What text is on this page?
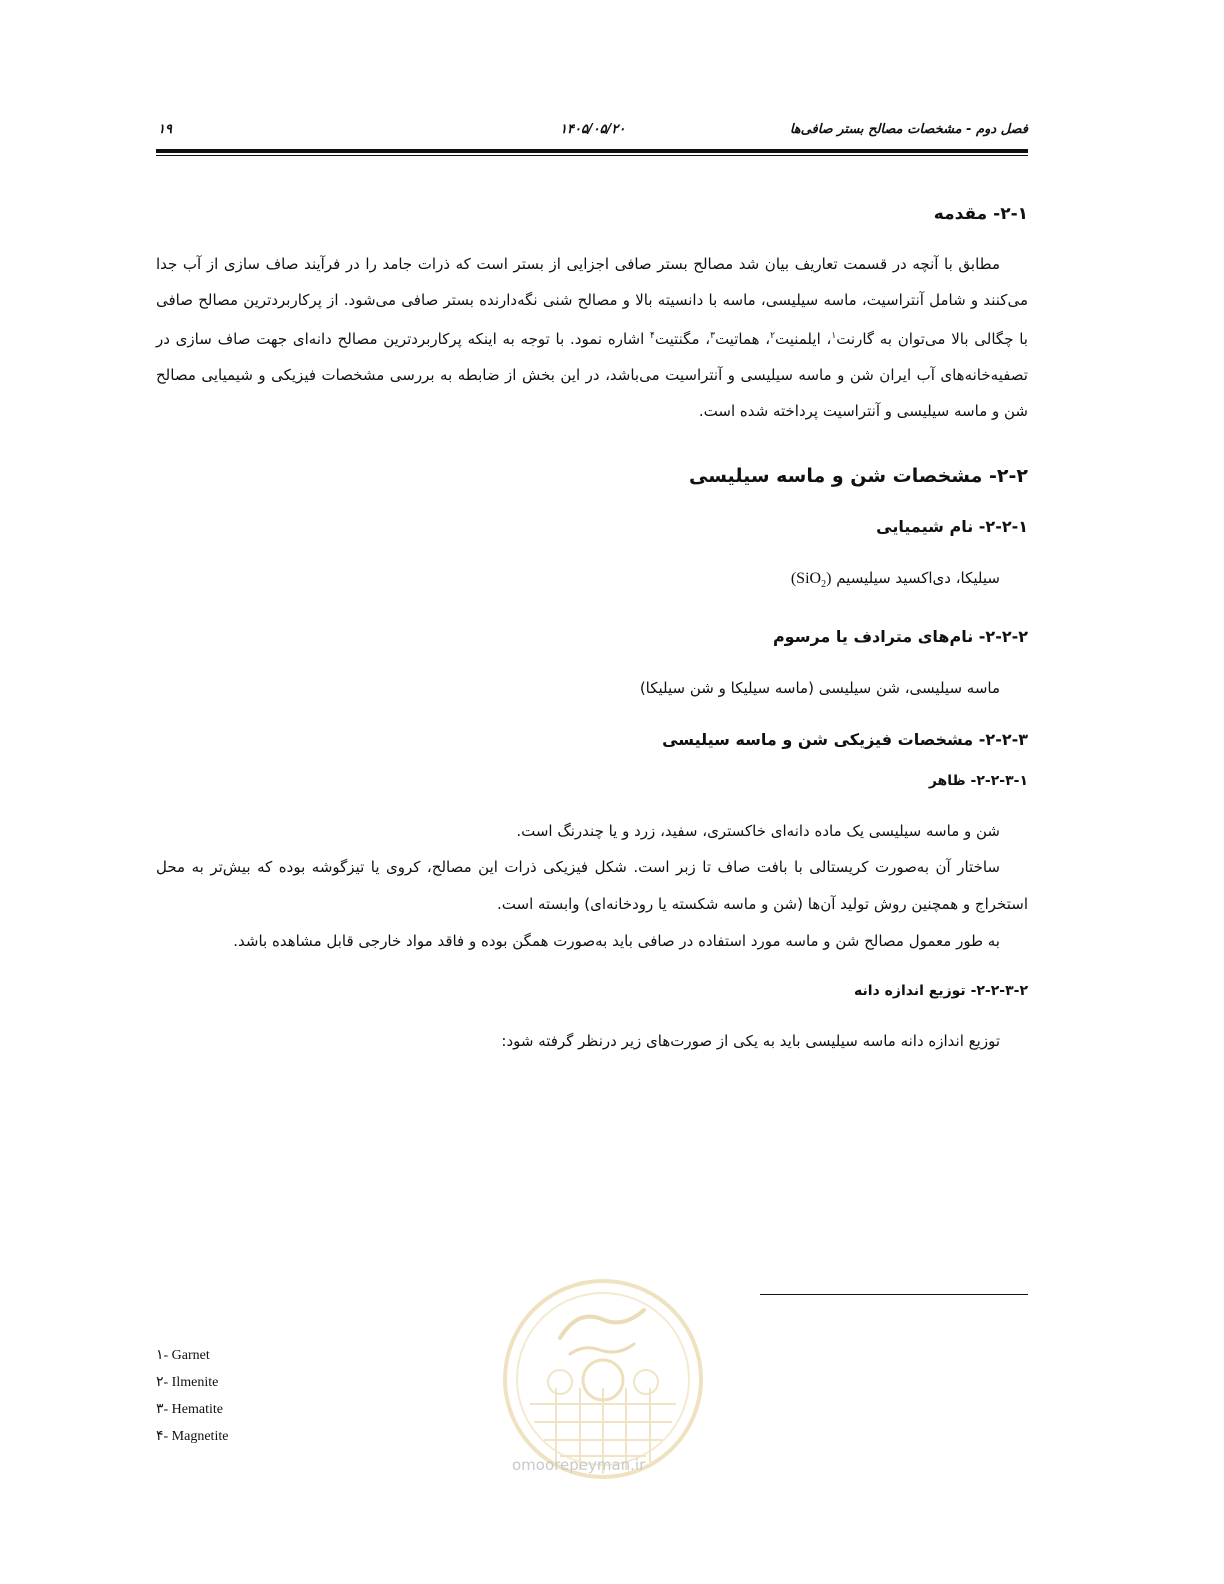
فصل دوم - مشخصات مصالح بستر صافی‌ها
۱۴۰۵/۰۵/۲۰
۱۹
۲-۱- مقدمه

مطابق با آنچه در قسمت تعاریف بیان شد مصالح بستر صافی اجزایی از بستر است که ذرات جامد را در فرآیند صاف سازی از آب جدا می‌کنند و شامل آنتراسیت، ماسه سیلیسی، ماسه با دانسیته بالا و مصالح شنی نگه‌دارنده بستر صافی می‌شود. از پرکاربردترین مصالح صافی با چگالی بالا می‌توان به گارنت$^۱$، ایلمنیت$^۲$، هماتیت$^۳$، مگنتیت$^۴$ اشاره نمود. با توجه به اینکه پرکاربردترین مصالح دانه‌ای جهت صاف سازی در تصفیه‌خانه‌های آب ایران شن و ماسه سیلیسی و آنتراسیت می‌باشد، در این بخش از ضابطه به بررسی مشخصات فیزیکی و شیمیایی مصالح شن و ماسه سیلیسی و آنتراسیت پرداخته شده است.

۲-۲- مشخصات شن و ماسه سیلیسی
۲-۲-۱- نام شیمیایی

سیلیکا، دی‌اکسید سیلیسیم (SiO$_2$)

۲-۲-۲- نام‌های مترادف یا مرسوم

ماسه سیلیسی، شن سیلیسی (ماسه سیلیکا و شن سیلیکا)

۲-۲-۳- مشخصات فیزیکی شن و ماسه سیلیسی
۲-۲-۳-۱- ظاهر

شن و ماسه سیلیسی یک ماده دانه‌ای خاکستری، سفید، زرد و یا چندرنگ است.

ساختار آن به‌صورت کریستالی با بافت صاف تا زبر است. شکل فیزیکی ذرات این مصالح، کروی یا تیزگوشه بوده که بیش‌تر به محل استخراج و همچنین روش تولید آن‌ها (شن و ماسه شکسته یا رودخانه‌ای) وابسته است.

به طور معمول مصالح شن و ماسه مورد استفاده در صافی باید به‌صورت همگن بوده و فاقد مواد خارجی قابل مشاهده باشد.

۲-۲-۳-۲- توزیع اندازه دانه

توزیع اندازه دانه ماسه سیلیسی باید به یکی از صورت‌های زیر درنظر گرفته شود:

۱- Garnet
۲- Ilmenite
۳- Hematite
۴- Magnetite
omoorepeyman.ir
